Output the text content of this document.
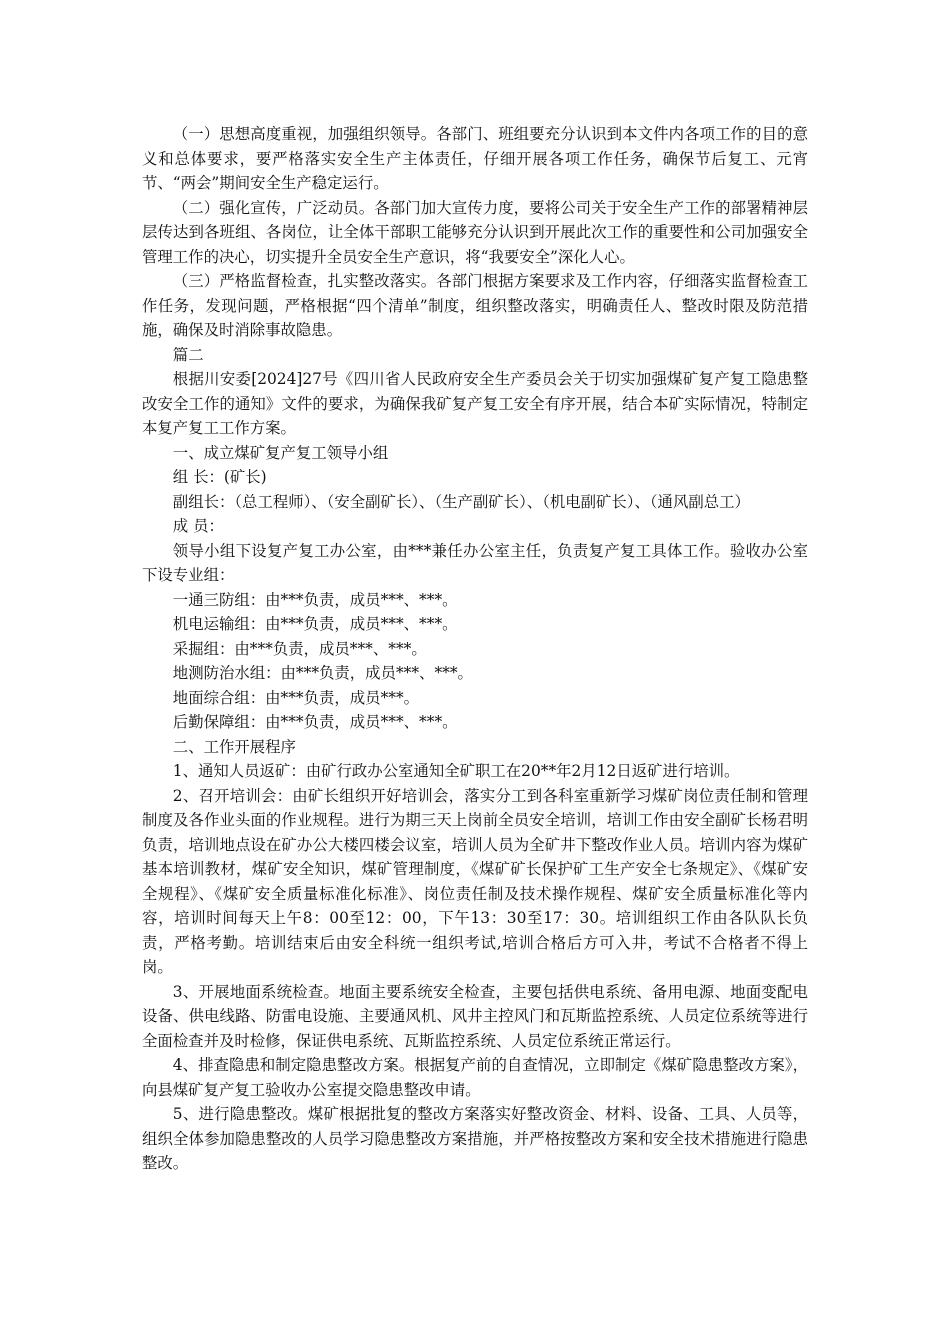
（一）思想高度重视，加强组织领导。各部门、班组要充分认识到本文件内各项工作的目的意义和总体要求，要严格落实安全生产主体责任，仔细开展各项工作任务，确保节后复工、元宵节、“两会”期间安全生产稳定运行。

（二）强化宣传，广泛动员。各部门加大宣传力度，要将公司关于安全生产工作的部署精神层层传达到各班组、各岗位，让全体干部职工能够充分认识到开展此次工作的重要性和公司加强安全管理工作的决心，切实提升全员安全生产意识，将“我要安全”深化人心。

（三）严格监督检查，扎实整改落实。各部门根据方案要求及工作内容，仔细落实监督检查工作任务，发现问题，严格根据“四个清单”制度，组织整改落实，明确责任人、整改时限及防范措施，确保及时消除事故隐患。

篇二

根据川安委[2024]27号《四川省人民政府安全生产委员会关于切实加强煤矿复产复工隐患整改安全工作的通知》文件的要求，为确保我矿复产复工安全有序开展，结合本矿实际情况，特制定本复产复工工作方案。

一、成立煤矿复产复工领导小组

组 长：(矿长)

副组长：（总工程师）、（安全副矿长）、（生产副矿长）、（机电副矿长）、（通风副总工）

成 员：

领导小组下设复产复工办公室，由***兼任办公室主任，负责复产复工具体工作。验收办公室下设专业组：

一通三防组：由***负责，成员***、***。

机电运输组：由***负责，成员***、***。

采掘组：由***负责，成员***、***。

地测防治水组：由***负责，成员***、***。

地面综合组：由***负责，成员***。

后勤保障组：由***负责，成员***、***。

二、工作开展程序

1、通知人员返矿：由矿行政办公室通知全矿职工在20**年2月12日返矿进行培训。

2、召开培训会：由矿长组织开好培训会，落实分工到各科室重新学习煤矿岗位责任制和管理制度及各作业头面的作业规程。进行为期三天上岗前全员安全培训，培训工作由安全副矿长杨君明负责，培训地点设在矿办公大楼四楼会议室，培训人员为全矿井下整改作业人员。培训内容为煤矿基本培训教材，煤矿安全知识，煤矿管理制度，《煤矿矿长保护矿工生产安全七条规定》、《煤矿安全规程》、《煤矿安全质量标准化标准》、岗位责任制及技术操作规程、煤矿安全质量标准化等内容，培训时间每天上午8：00至12：00，下午13：30至17：30。培训组织工作由各队队长负责，严格考勤。培训结束后由安全科统一组织考试,培训合格后方可入井，考试不合格者不得上岗。

3、开展地面系统检查。地面主要系统安全检查，主要包括供电系统、备用电源、地面变配电设备、供电线路、防雷电设施、主要通风机、风井主控风门和瓦斯监控系统、人员定位系统等进行全面检查并及时检修，保证供电系统、瓦斯监控系统、人员定位系统正常运行。

4、排查隐患和制定隐患整改方案。根据复产前的自查情况，立即制定《煤矿隐患整改方案》，向县煤矿复产复工验收办公室提交隐患整改申请。

5、进行隐患整改。煤矿根据批复的整改方案落实好整改资金、材料、设备、工具、人员等，组织全体参加隐患整改的人员学习隐患整改方案措施，并严格按整改方案和安全技术措施进行隐患整改。
